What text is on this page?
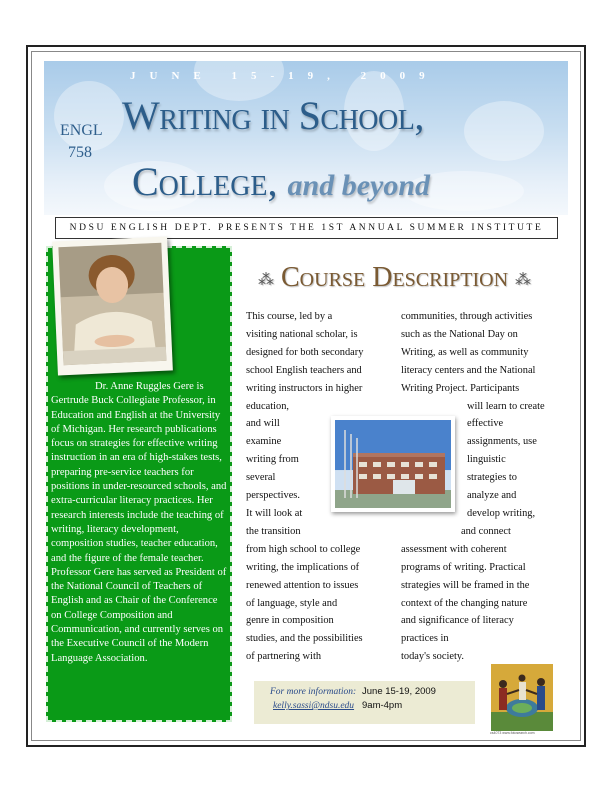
JUNE 15-19, 2009
ENGL
758
Writing in School,
College, and beyond
NDSU ENGLISH DEPT. PRESENTS THE 1ST ANNUAL SUMMER INSTITUTE
Dr. Anne Ruggles Gere is Gertrude Buck Collegiate Professor, in Education and English at the University of Michigan. Her research publications focus on strategies for effective writing instruction in an era of high-stakes tests, preparing pre-service teachers for positions in under-resourced schools, and extra-curricular literacy practices. Her research interests include the teaching of writing, literacy development, composition studies, teacher education, and the figure of the female teacher. Professor Gere has served as President of the National Council of Teachers of English and as Chair of the Conference on College Composition and Communication, and currently serves on the Executive Council of the Modern Language Association.
⁂ Course Description ⁂
This course, led by a
visiting national scholar, is
designed for both secondary
school English teachers and
writing instructors in higher
education,
and will
examine
writing from
several
perspectives.
It will look at
the transition
from high school to college
writing, the implications of
renewed attention to issues
of language, style and
genre in composition
studies, and the possibilities
of partnering with
communities, through activities
such as the National Day on
Writing, as well as community
literacy centers and the National
Writing Project. Participants
will learn to create
effective
assignments, use
linguistic
strategies to
analyze and
develop writing,
and connect
assessment with coherent
programs of writing. Practical
strategies will be framed in the
context of the changing nature
and significance of literacy
practices in
today's society.
For more information:
kelly.sassi@ndsu.edu
June 15-19, 2009
9am-4pm
cs4073 www.fotosearch.com
